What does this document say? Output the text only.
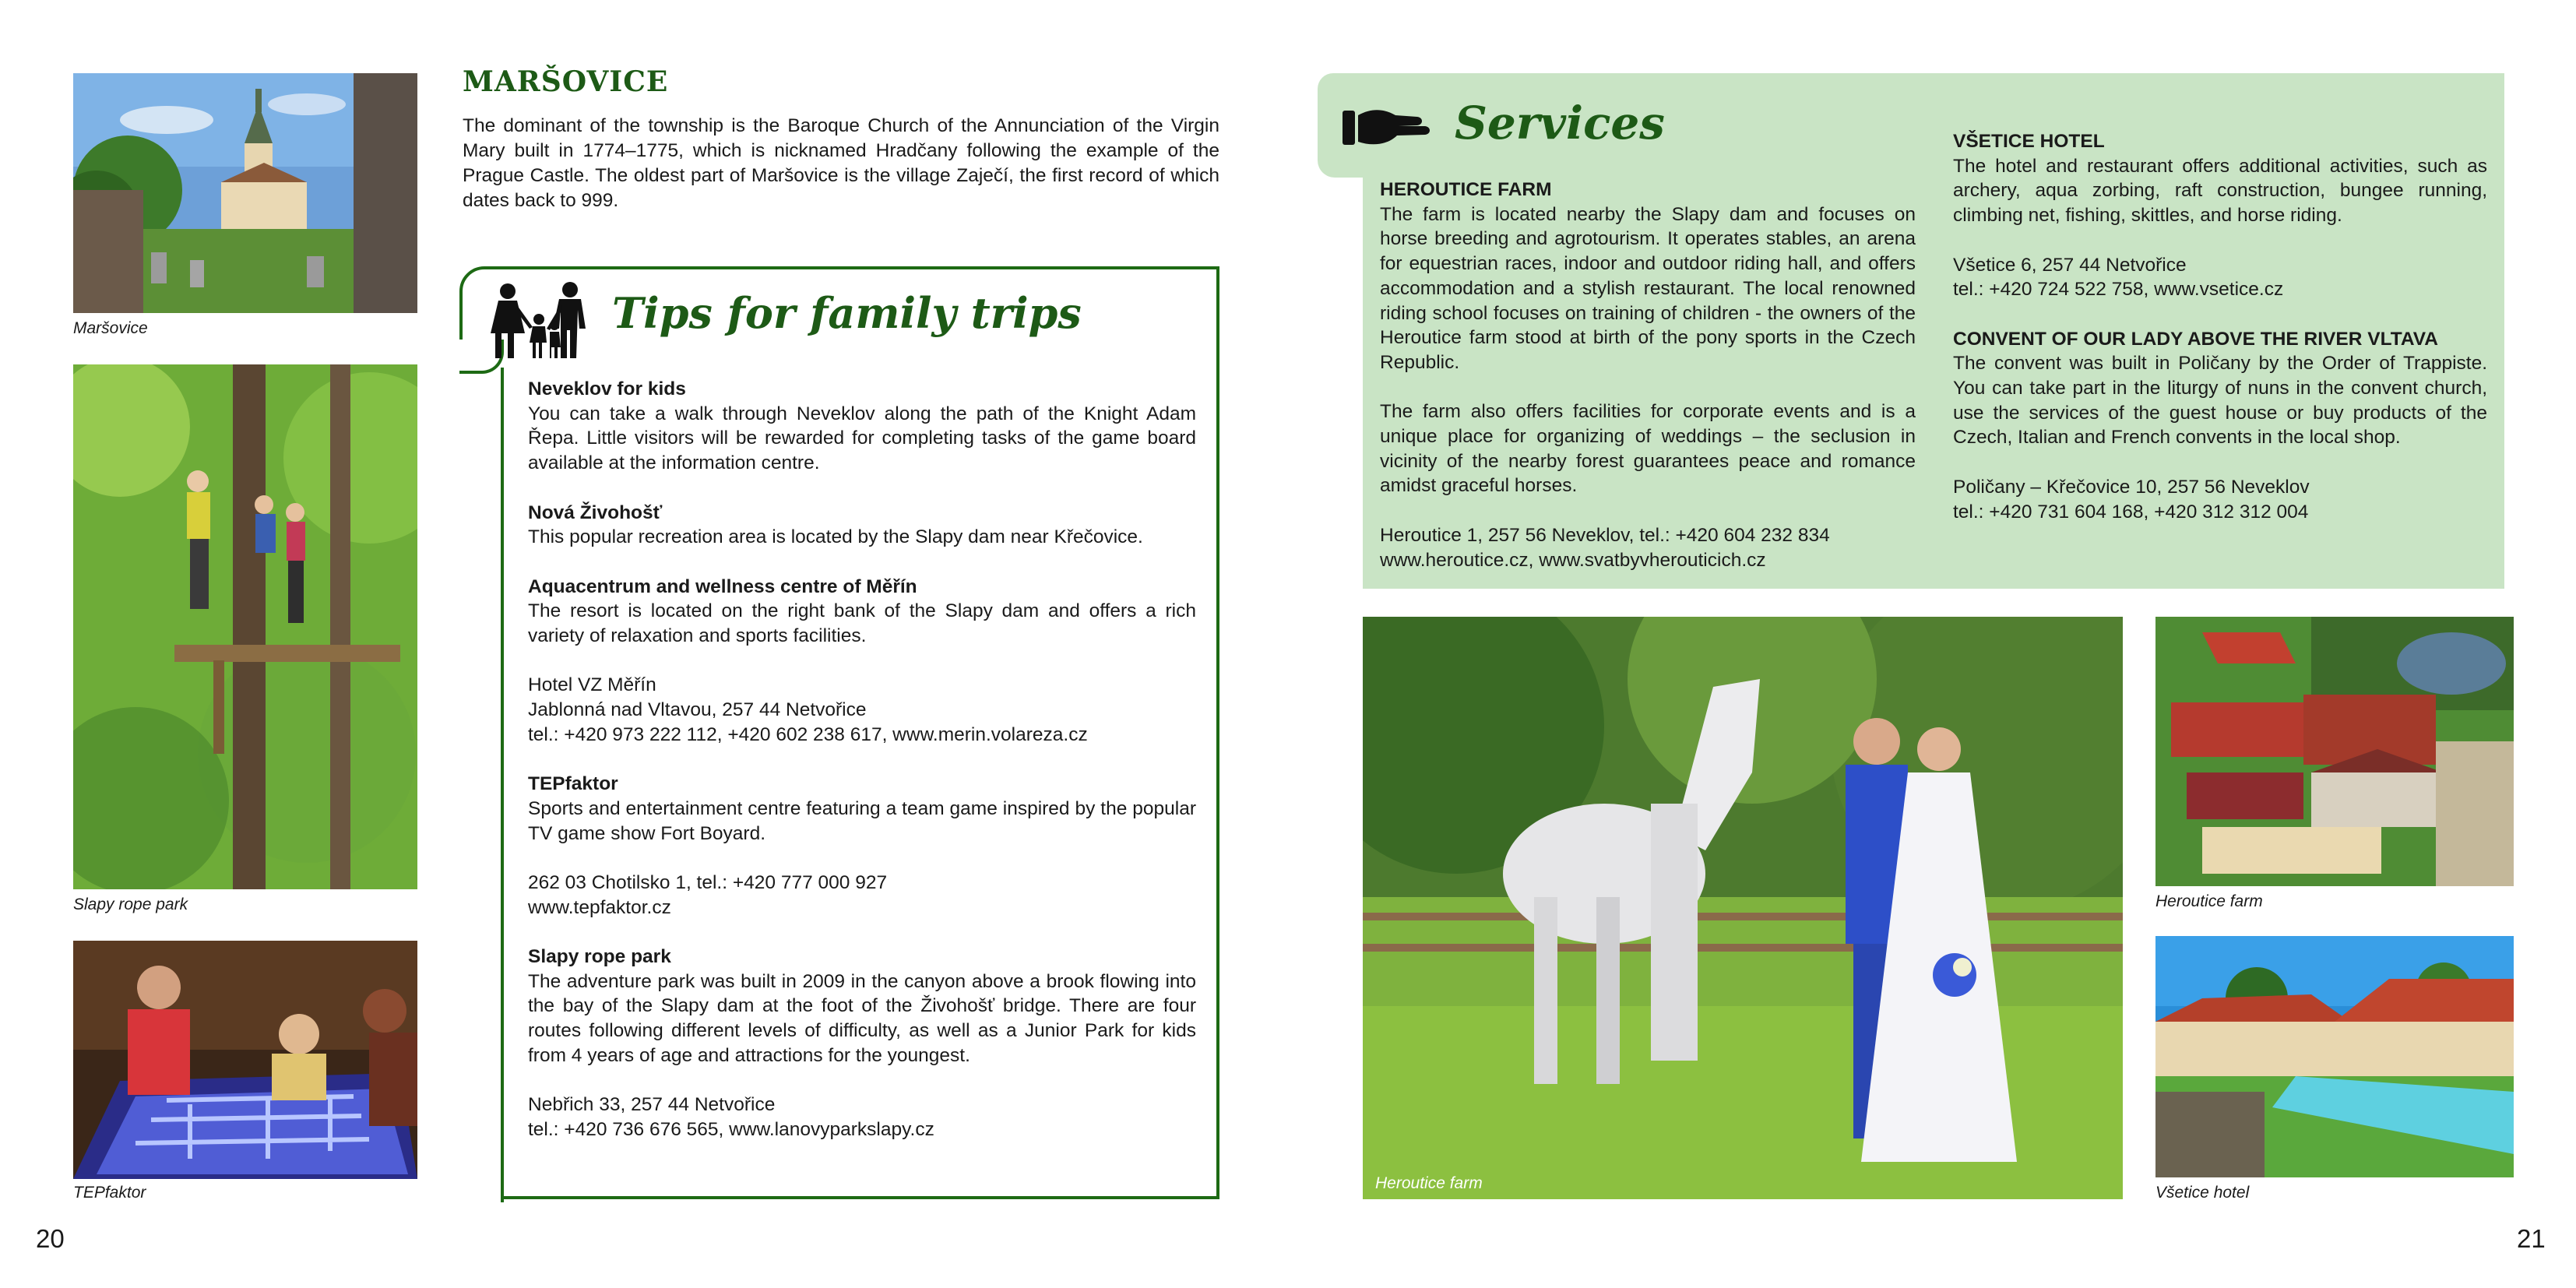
Maršovice
Slapy rope park
TEPfaktor
MARŠOVICE
The dominant of the township is the Baroque Church of the Annunciation of the Virgin Mary built in 1774–1775, which is nicknamed Hradčany following the example of the Prague Castle. The oldest part of Maršovice is the village Zaječí, the first record of which dates back to 999.
Tips for family trips
Neveklov for kids
You can take a walk through Neveklov along the path of the Knight Adam Řepa. Little visitors will be rewarded for completing tasks of the game board available at the information centre.
Nová Živohošť
This popular recreation area is located by the Slapy dam near Křečovice.
Aquacentrum and wellness centre of Měřín
The resort is located on the right bank of the Slapy dam and offers a rich variety of relaxation and sports facilities.
Hotel VZ Měřín
Jablonná nad Vltavou, 257 44 Netvořice
tel.: +420 973 222 112, +420 602 238 617, www.merin.volareza.cz
TEPfaktor
Sports and entertainment centre featuring a team game inspired by the popular TV game show Fort Boyard.
262 03 Chotilsko 1, tel.: +420 777 000 927
www.tepfaktor.cz
Slapy rope park
The adventure park was built in 2009 in the canyon above a brook flowing into the bay of the Slapy dam at the foot of the Živohošť bridge. There are four routes following different levels of difficulty, as well as a Junior Park for kids from 4 years of age and attractions for the youngest.
Nebřich 33, 257 44 Netvořice
tel.: +420 736 676 565, www.lanovyparkslapy.cz
20
Services
HEROUTICE FARM
The farm is located nearby the Slapy dam and focuses on horse breeding and agrotourism. It operates stables, an arena for equestrian races, indoor and outdoor riding hall, and offers accommodation and a stylish restaurant. The local renowned riding school focuses on training of children - the owners of the Heroutice farm stood at birth of the pony sports in the Czech Republic.
The farm also offers facilities for corporate events and is a unique place for organizing of weddings – the seclusion in vicinity of the nearby forest guarantees peace and romance amidst graceful horses.
Heroutice 1, 257 56 Neveklov, tel.: +420 604 232 834
www.heroutice.cz, www.svatbyvherouticich.cz
VŠETICE HOTEL
The hotel and restaurant offers additional activities, such as archery, aqua zorbing, raft construction, bungee running, climbing net, fishing, skittles, and horse riding.
Všetice 6, 257 44 Netvořice
tel.: +420 724 522 758, www.vsetice.cz
CONVENT OF OUR LADY ABOVE THE RIVER VLTAVA
The convent was built in Poličany by the Order of Trappiste. You can take part in the liturgy of nuns in the convent church, use the services of the guest house or buy products of the Czech, Italian and French convents in the local shop.
Poličany – Křečovice 10, 257 56 Neveklov
tel.: +420 731 604 168, +420 312 312 004
Heroutice farm
Heroutice farm
Všetice hotel
21
